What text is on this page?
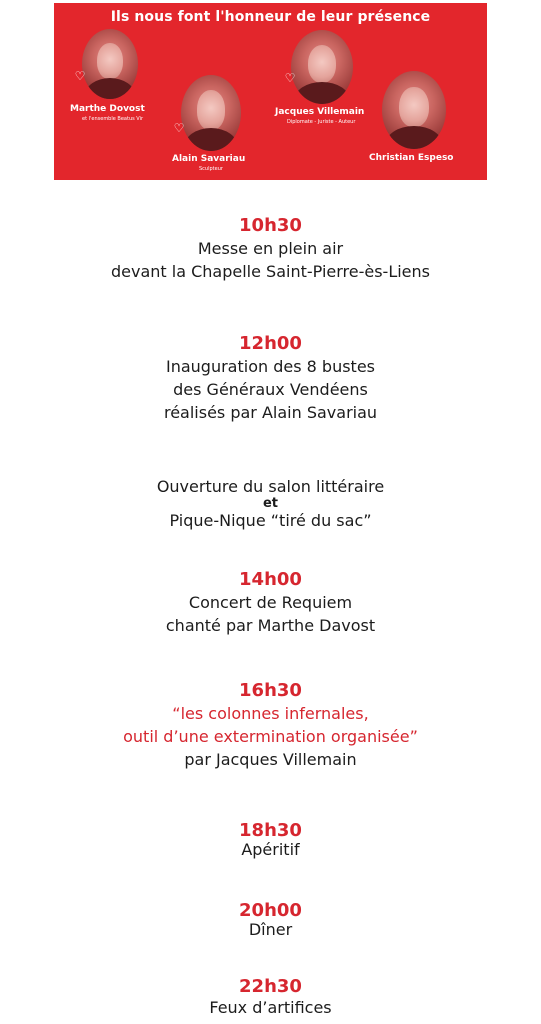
Ils nous font l'honneur de leur présence
♡
Marthe Dovost
et l'ensemble Beatus Vir
♡
Alain Savariau
Sculpteur
♡
Jacques Villemain
Diplomate - Juriste - Auteur
Christian Espeso
10h30
Messe en plein air
devant la Chapelle Saint-Pierre-ès-Liens
12h00
Inauguration des 8 bustes
des Généraux Vendéens
réalisés par Alain Savariau
Ouverture du salon littéraire
et
Pique-Nique “tiré du sac”
14h00
Concert de Requiem
chanté par Marthe Davost
16h30
“les colonnes infernales,
outil d’une extermination organisée”
par Jacques Villemain
18h30
Apéritif
20h00
Dîner
22h30
Feux d’artifices
